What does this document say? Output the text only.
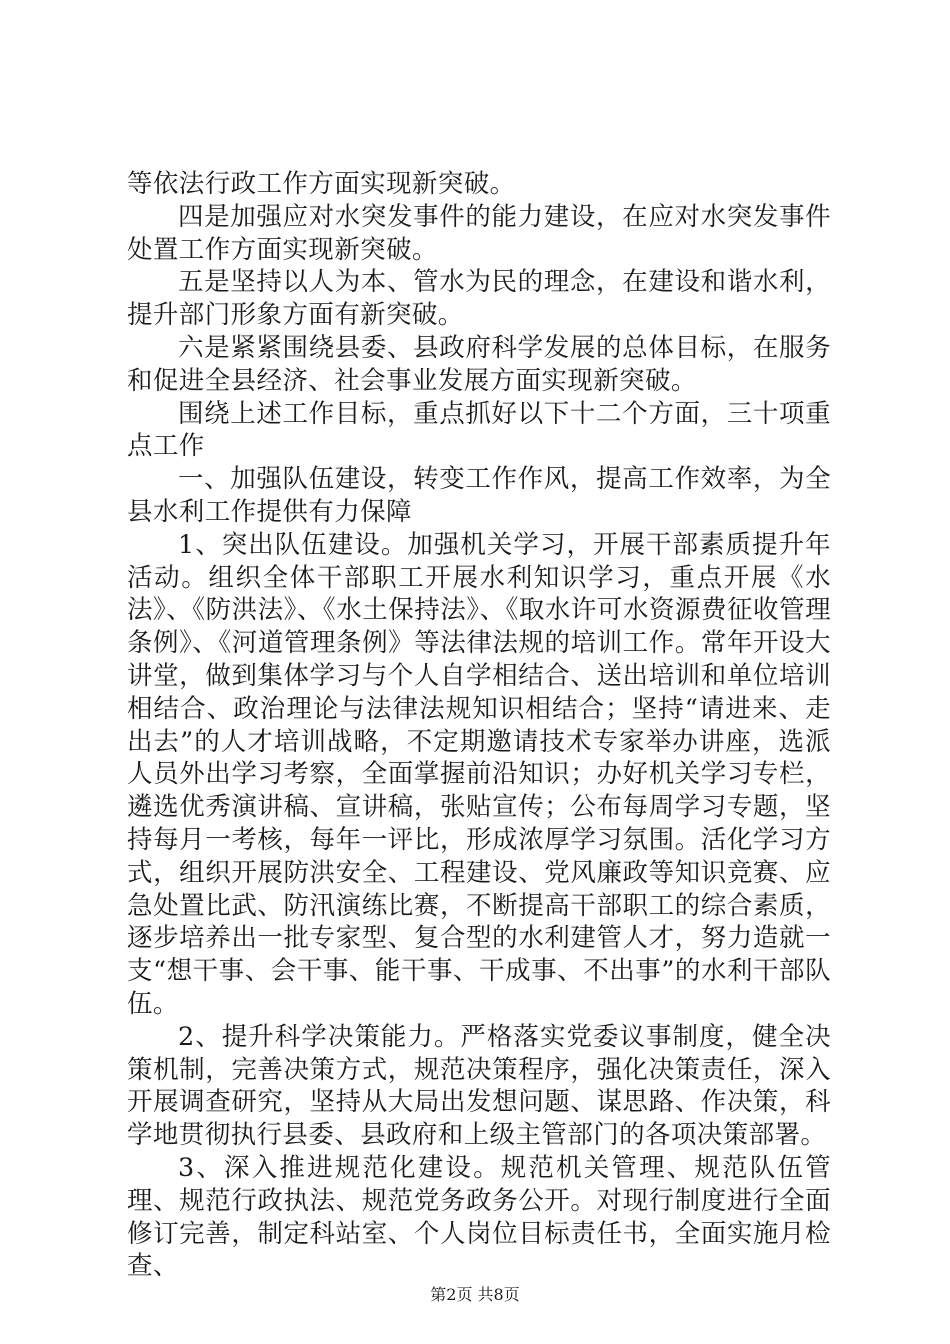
等依法行政工作方面实现新突破。

四是加强应对水突发事件的能力建设，在应对水突发事件处置工作方面实现新突破。

五是坚持以人为本、管水为民的理念，在建设和谐水利，提升部门形象方面有新突破。

六是紧紧围绕县委、县政府科学发展的总体目标，在服务和促进全县经济、社会事业发展方面实现新突破。

围绕上述工作目标，重点抓好以下十二个方面，三十项重点工作

一、加强队伍建设，转变工作作风，提高工作效率，为全县水利工作提供有力保障

1、突出队伍建设。加强机关学习，开展干部素质提升年活动。组织全体干部职工开展水利知识学习，重点开展《水法》、《防洪法》、《水土保持法》、《取水许可水资源费征收管理条例》、《河道管理条例》等法律法规的培训工作。常年开设大讲堂，做到集体学习与个人自学相结合、送出培训和单位培训相结合、政治理论与法律法规知识相结合；坚持“请进来、走出去”的人才培训战略，不定期邀请技术专家举办讲座，选派人员外出学习考察，全面掌握前沿知识；办好机关学习专栏，遴选优秀演讲稿、宣讲稿，张贴宣传；公布每周学习专题，坚持每月一考核，每年一评比，形成浓厚学习氛围。活化学习方式，组织开展防洪安全、工程建设、党风廉政等知识竞赛、应急处置比武、防汛演练比赛，不断提高干部职工的综合素质，逐步培养出一批专家型、复合型的水利建管人才，努力造就一支“想干事、会干事、能干事、干成事、不出事”的水利干部队伍。

2、提升科学决策能力。严格落实党委议事制度，健全决策机制，完善决策方式，规范决策程序，强化决策责任，深入开展调查研究，坚持从大局出发想问题、谋思路、作决策，科学地贯彻执行县委、县政府和上级主管部门的各项决策部署。

3、深入推进规范化建设。规范机关管理、规范队伍管理、规范行政执法、规范党务政务公开。对现行制度进行全面修订完善，制定科站室、个人岗位目标责任书，全面实施月检查、

第2页 共8页
